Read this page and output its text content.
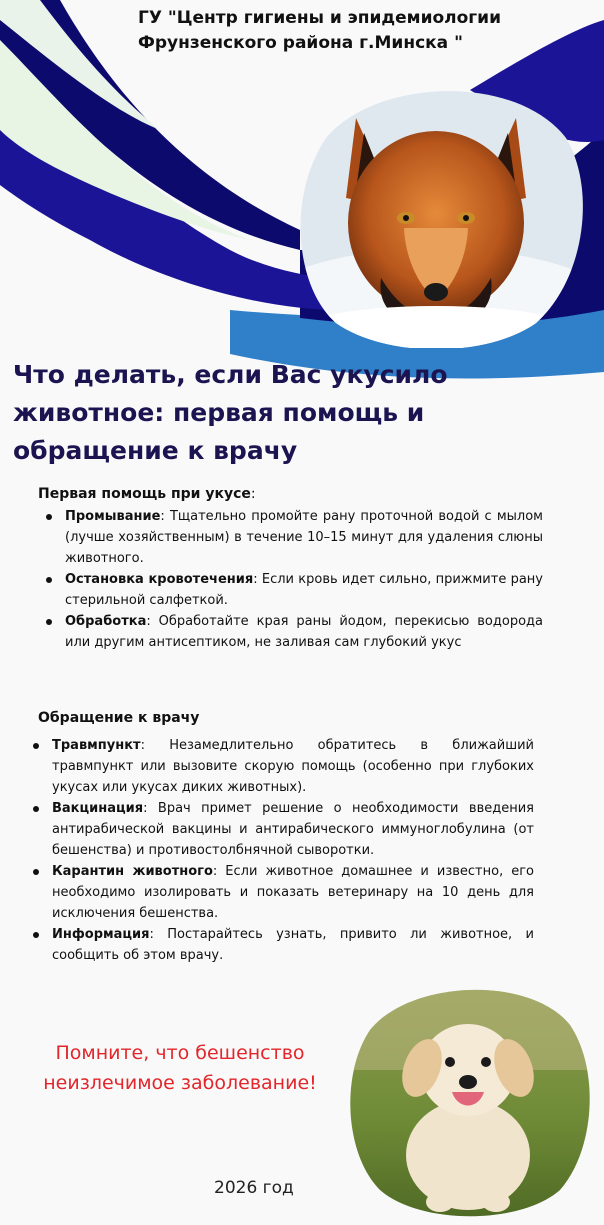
ГУ "Центр гигиены и эпидемиологии
Фрунзенского района г.Минска "
Что делать, если Вас укусило
животное: первая помощь и
обращение к врачу
Первая помощь при укусе:
Промывание: Тщательно промойте рану проточной водой с мылом (лучше хозяйственным) в течение 10–15 минут для удаления слюны животного.
Остановка кровотечения: Если кровь идет сильно, прижмите рану стерильной салфеткой.
Обработка: Обработайте края раны йодом, перекисью водорода или другим антисептиком, не заливая сам глубокий укус
Обращение к врачу
Травмпункт: Незамедлительно обратитесь в ближайший травмпункт или вызовите скорую помощь (особенно при глубоких укусах или укусах диких животных).
Вакцинация: Врач примет решение о необходимости введения антирабической вакцины и антирабического иммуноглобулина (от бешенства) и противостолбнячной сыворотки.
Карантин животного: Если животное домашнее и известно, его необходимо изолировать и показать ветеринару на 10 день для исключения бешенства.
Информация: Постарайтесь узнать, привито ли животное, и сообщить об этом врачу.
Помните, что бешенство
неизлечимое заболевание!
2026 год
